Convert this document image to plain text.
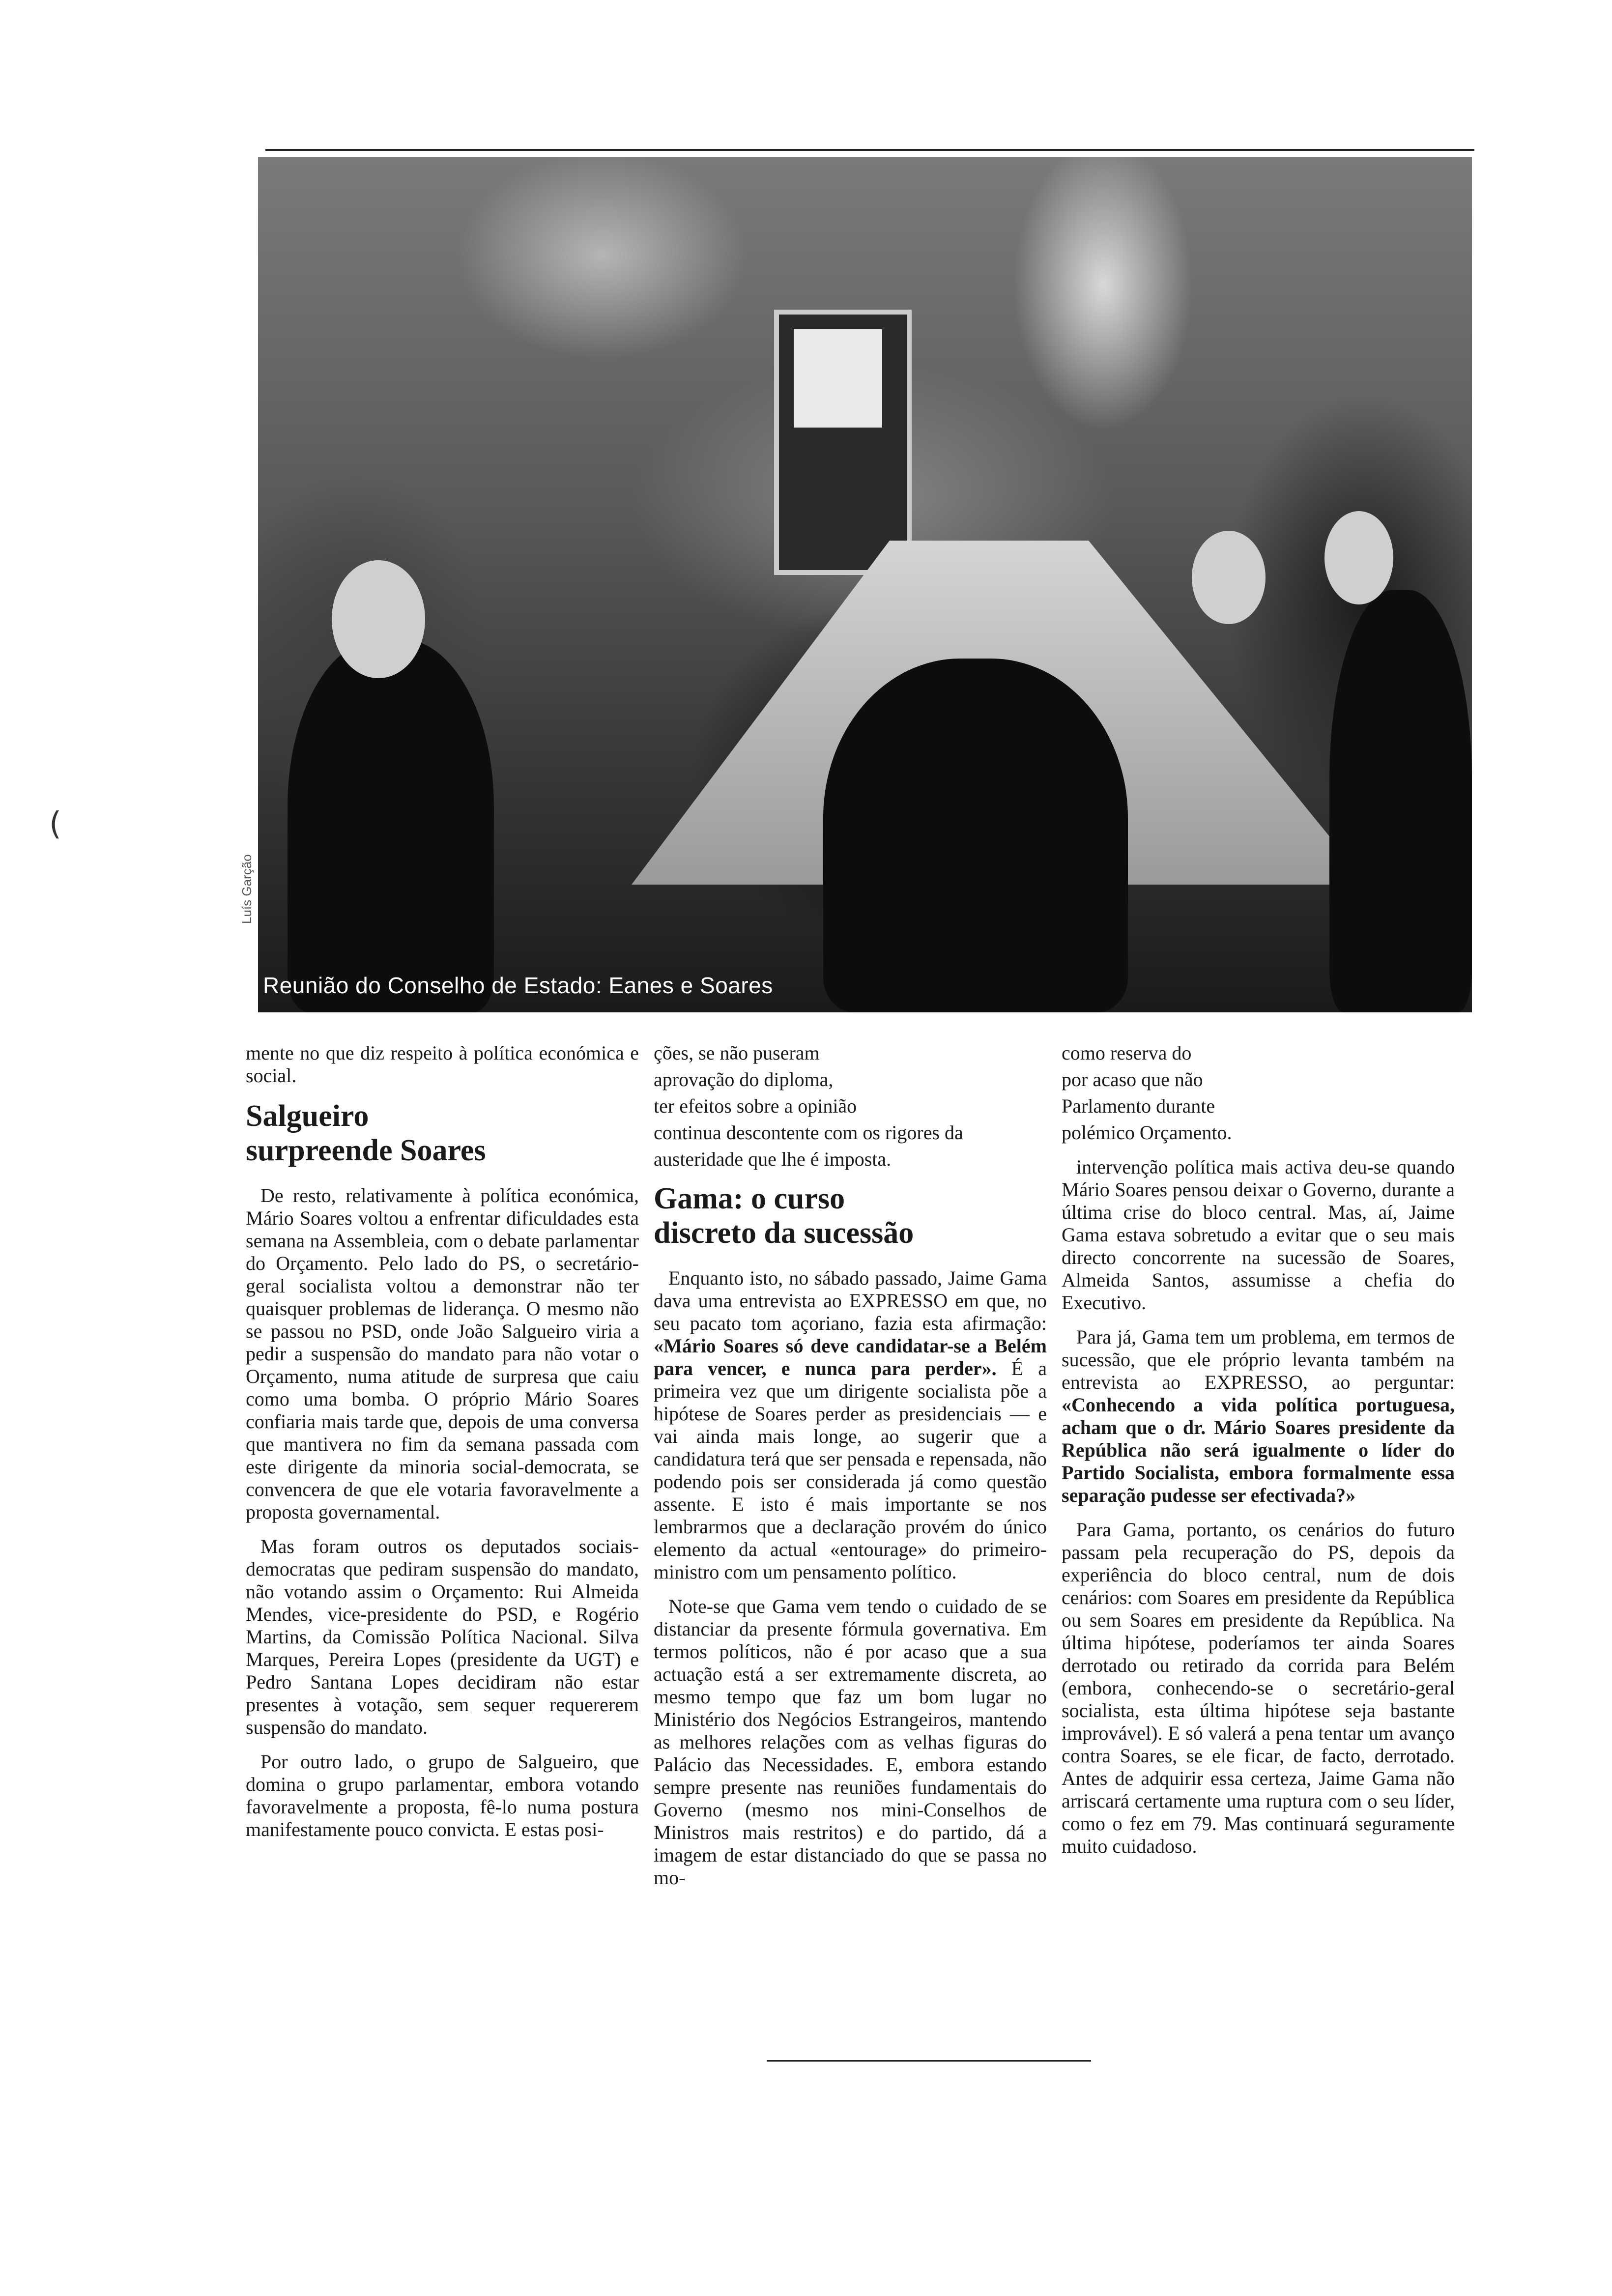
Reunião do Conselho de Estado: Eanes e Soares
Luís Garção
(

mente no que diz respeito à política económica e social.

Salgueiro
surpreende Soares

De resto, relativamente à política económica, Mário Soares voltou a enfrentar dificuldades esta semana na Assembleia, com o debate parlamentar do Orçamento. Pelo lado do PS, o secretário-geral socialista voltou a demonstrar não ter quaisquer problemas de liderança. O mesmo não se passou no PSD, onde João Salgueiro viria a pedir a suspensão do mandato para não votar o Orçamento, numa atitude de surpresa que caiu como uma bomba. O próprio Mário Soares confiaria mais tarde que, depois de uma conversa que mantivera no fim da semana passada com este dirigente da minoria social-democrata, se convencera de que ele votaria favoravelmente a proposta governamental.

Mas foram outros os deputados sociais-democratas que pediram suspensão do mandato, não votando assim o Orçamento: Rui Almeida Mendes, vice-presidente do PSD, e Rogério Martins, da Comissão Política Nacional. Silva Marques, Pereira Lopes (presidente da UGT) e Pedro Santana Lopes decidiram não estar presentes à votação, sem sequer requererem suspensão do mandato.

Por outro lado, o grupo de Salgueiro, que domina o grupo parlamentar, embora votando favoravelmente a proposta, fê-lo numa postura manifestamente pouco convicta. E estas posi-

ções, se não puseram

aprovação do diploma,

ter efeitos sobre a opinião

continua descontente com os rigores da

austeridade que lhe é imposta.

Gama: o curso
discreto da sucessão

Enquanto isto, no sábado passado, Jaime Gama dava uma entrevista ao EXPRESSO em que, no seu pacato tom açoriano, fazia esta afirmação: «Mário Soares só deve candidatar-se a Belém para vencer, e nunca para perder». É a primeira vez que um dirigente socialista põe a hipótese de Soares perder as presidenciais — e vai ainda mais longe, ao sugerir que a candidatura terá que ser pensada e repensada, não podendo pois ser considerada já como questão assente. E isto é mais importante se nos lembrarmos que a declaração provém do único elemento da actual «entourage» do primeiro-ministro com um pensamento político.

Note-se que Gama vem tendo o cuidado de se distanciar da presente fórmula governativa. Em termos políticos, não é por acaso que a sua actuação está a ser extremamente discreta, ao mesmo tempo que faz um bom lugar no Ministério dos Negócios Estrangeiros, mantendo as melhores relações com as velhas figuras do Palácio das Necessidades. E, embora estando sempre presente nas reuniões fundamentais do Governo (mesmo nos mini-Conselhos de Ministros mais restritos) e do partido, dá a imagem de estar distanciado do que se passa no mo-

como reserva do

por acaso que não

Parlamento durante

polémico Orçamento.

intervenção política mais activa deu-se quando Mário Soares pensou deixar o Governo, durante a última crise do bloco central. Mas, aí, Jaime Gama estava sobretudo a evitar que o seu mais directo concorrente na sucessão de Soares, Almeida Santos, assumisse a chefia do Executivo.

Para já, Gama tem um problema, em termos de sucessão, que ele próprio levanta também na entrevista ao EXPRESSO, ao perguntar: «Conhecendo a vida política portuguesa, acham que o dr. Mário Soares presidente da República não será igualmente o líder do Partido Socialista, embora formalmente essa separação pudesse ser efectivada?»

Para Gama, portanto, os cenários do futuro passam pela recuperação do PS, depois da experiência do bloco central, num de dois cenários: com Soares em presidente da República ou sem Soares em presidente da República. Na última hipótese, poderíamos ter ainda Soares derrotado ou retirado da corrida para Belém (embora, conhecendo-se o secretário-geral socialista, esta última hipótese seja bastante improvável). E só valerá a pena tentar um avanço contra Soares, se ele ficar, de facto, derrotado. Antes de adquirir essa certeza, Jaime Gama não arriscará certamente uma ruptura com o seu líder, como o fez em 79. Mas continuará seguramente muito cuidadoso.
